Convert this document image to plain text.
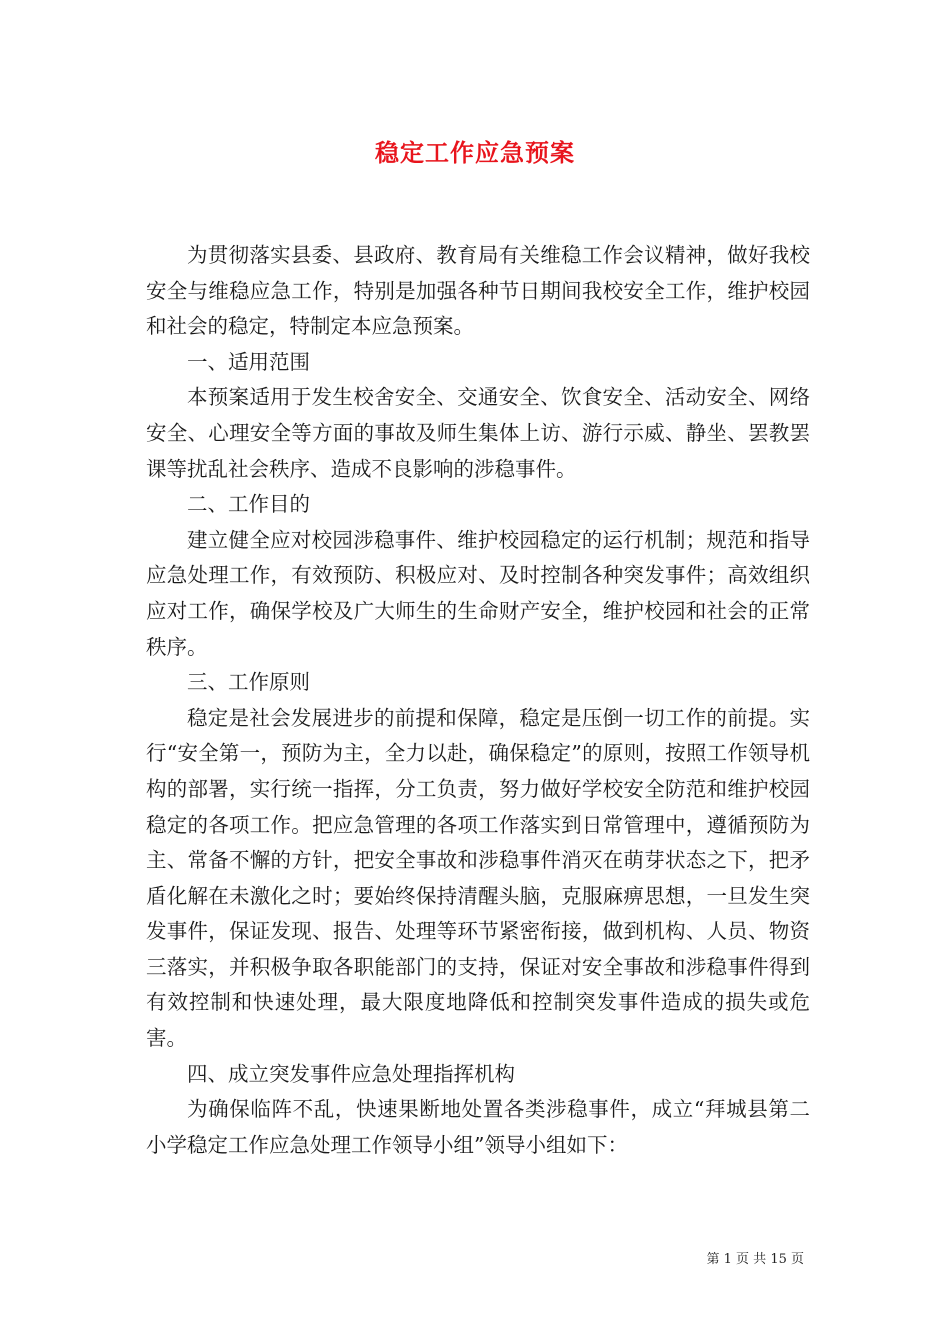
稳定工作应急预案

为贯彻落实县委、县政府、教育局有关维稳工作会议精神，做好我校安全与维稳应急工作，特别是加强各种节日期间我校安全工作，维护校园和社会的稳定，特制定本应急预案。

一、适用范围

本预案适用于发生校舍安全、交通安全、饮食安全、活动安全、网络安全、心理安全等方面的事故及师生集体上访、游行示威、静坐、罢教罢课等扰乱社会秩序、造成不良影响的涉稳事件。

二、工作目的

建立健全应对校园涉稳事件、维护校园稳定的运行机制；规范和指导应急处理工作，有效预防、积极应对、及时控制各种突发事件；高效组织应对工作，确保学校及广大师生的生命财产安全，维护校园和社会的正常秩序。

三、工作原则

稳定是社会发展进步的前提和保障，稳定是压倒一切工作的前提。实行“安全第一，预防为主，全力以赴，确保稳定”的原则，按照工作领导机构的部署，实行统一指挥，分工负责，努力做好学校安全防范和维护校园稳定的各项工作。把应急管理的各项工作落实到日常管理中，遵循预防为主、常备不懈的方针，把安全事故和涉稳事件消灭在萌芽状态之下，把矛盾化解在未激化之时；要始终保持清醒头脑，克服麻痹思想，一旦发生突发事件，保证发现、报告、处理等环节紧密衔接，做到机构、人员、物资三落实，并积极争取各职能部门的支持，保证对安全事故和涉稳事件得到有效控制和快速处理，最大限度地降低和控制突发事件造成的损失或危害。

四、成立突发事件应急处理指挥机构

为确保临阵不乱，快速果断地处置各类涉稳事件，成立“拜城县第二小学稳定工作应急处理工作领导小组”领导小组如下：

第 1 页 共 15 页
